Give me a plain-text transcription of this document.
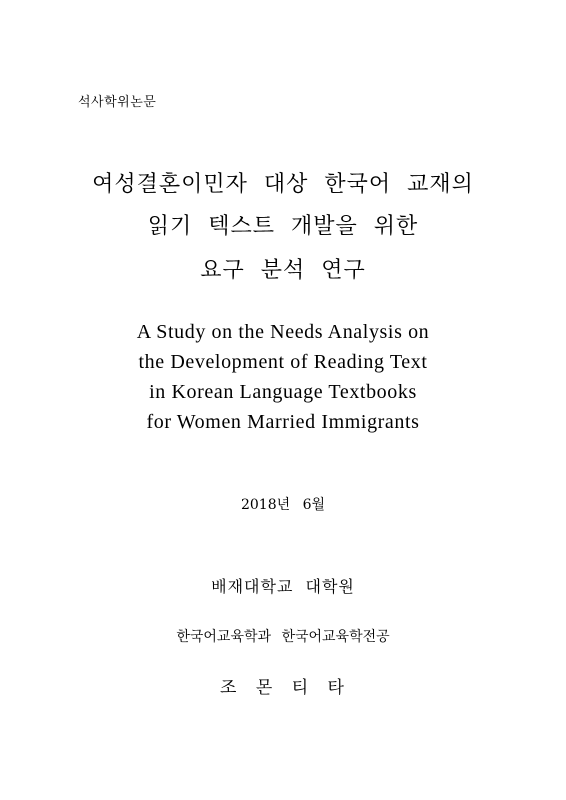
석사학위논문
여성결혼이민자 대상 한국어 교재의
읽기 텍스트 개발을 위한
요구 분석 연구
A Study on the Needs Analysis on
the Development of Reading Text
in Korean Language Textbooks
for Women Married Immigrants
2018년 6월
배재대학교 대학원
한국어교육학과 한국어교육학전공
조 몬 티 타
